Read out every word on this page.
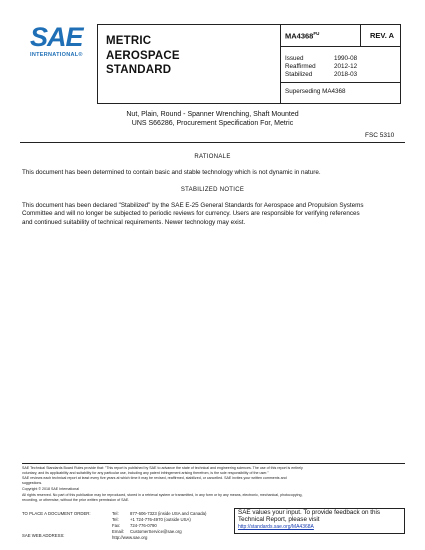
SAE
INTERNATIONAL®
METRIC
AEROSPACE
STANDARD
$MA4368^{FU}$	REV. A
Issued	1990-08
Reaffirmed	2012-12
Stabilized	2018-03
Superseding MA4368
Nut, Plain, Round - Spanner Wrenching, Shaft Mounted
UNS S66286, Procurement Specification For, Metric
FSC 5310
RATIONALE
This document has been determined to contain basic and stable technology which is not dynamic in nature.
STABILIZED NOTICE
This document has been declared "Stabilized" by the SAE E-25 General Standards for Aerospace and Propulsion Systems
Committee and will no longer be subjected to periodic reviews for currency. Users are responsible for verifying references
and continued suitability of technical requirements. Newer technology may exist.
SAE Technical Standards Board Rules provide that: "This report is published by SAE to advance the state of technical and engineering sciences. The use of this report is entirely
voluntary, and its applicability and suitability for any particular use, including any patent infringement arising therefrom, is the sole responsibility of the user."
SAE reviews each technical report at least every five years at which time it may be revised, reaffirmed, stabilized, or cancelled. SAE invites your written comments and
suggestions.
Copyright © 2018 SAE International
All rights reserved. No part of this publication may be reproduced, stored in a retrieval system or transmitted, in any form or by any means, electronic, mechanical, photocopying,
recording, or otherwise, without the prior written permission of SAE.
TO PLACE A DOCUMENT ORDER:
SAE WEB ADDRESS:
Tel:	877-606-7323 (inside USA and Canada)
Tel:	+1 724-776-4970 (outside USA)
Fax: 724-776-0790
Email: CustomerService@sae.org
http://www.sae.org
SAE values your input. To provide feedback on this
Technical Report, please visit
http://standards.sae.org/MA4368A
